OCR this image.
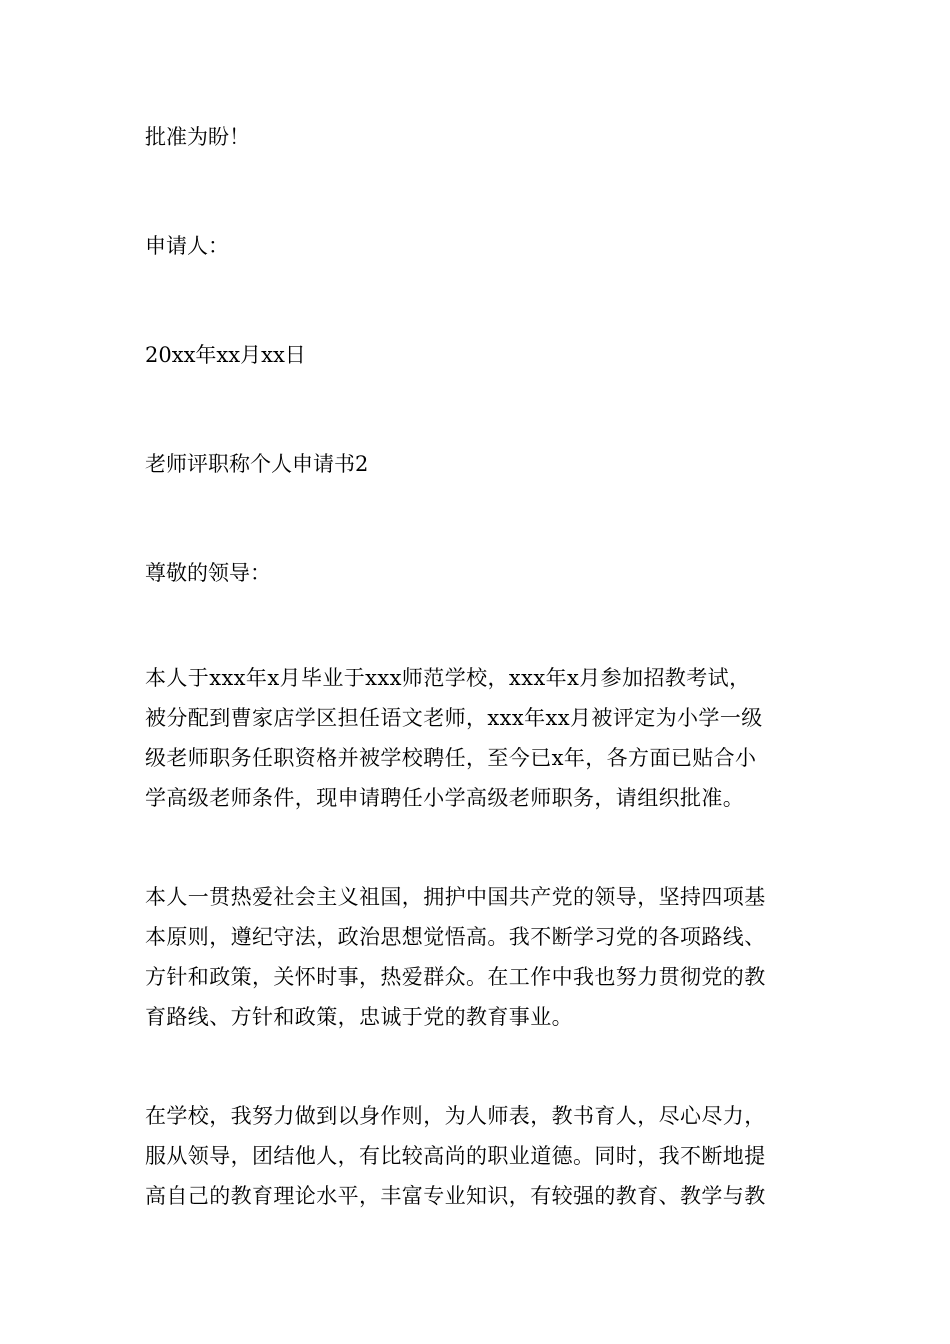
批准为盼！
申请人：
20xx年xx月xx日
老师评职称个人申请书2
尊敬的领导：
本人于xxx年x月毕业于xxx师范学校，xxx年x月参加招教考试，
被分配到曹家店学区担任语文老师，xxx年xx月被评定为小学一级
级老师职务任职资格并被学校聘任，至今已x年，各方面已贴合小
学高级老师条件，现申请聘任小学高级老师职务，请组织批准。
本人一贯热爱社会主义祖国，拥护中国共产党的领导，坚持四项基
本原则，遵纪守法，政治思想觉悟高。我不断学习党的各项路线、
方针和政策，关怀时事，热爱群众。在工作中我也努力贯彻党的教
育路线、方针和政策，忠诚于党的教育事业。
在学校，我努力做到以身作则，为人师表，教书育人，尽心尽力，
服从领导，团结他人，有比较高尚的职业道德。同时，我不断地提
高自己的教育理论水平，丰富专业知识，有较强的教育、教学与教
